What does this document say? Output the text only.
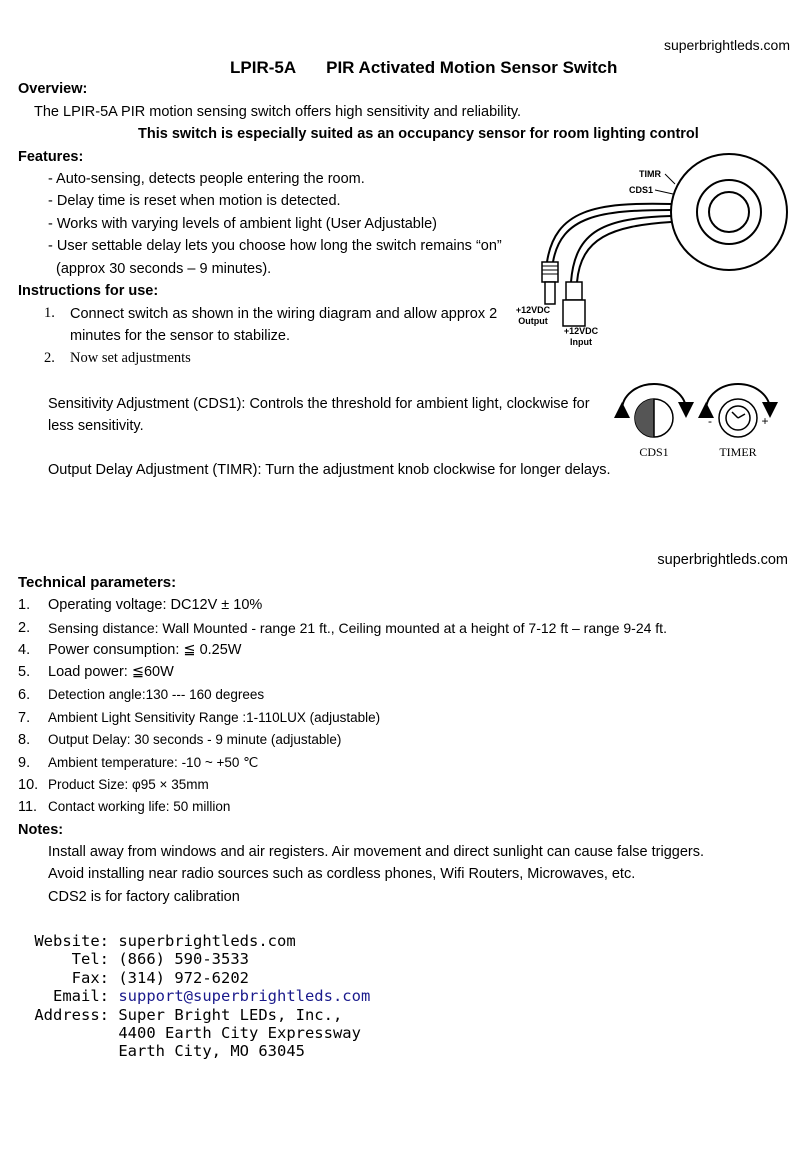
superbrightleds.com
LPIR-5A PIR Activated Motion Sensor Switch
Overview:
The LPIR-5A PIR motion sensing switch offers high sensitivity and reliability.
This switch is especially suited as an occupancy sensor for room lighting control
Features:
- Auto-sensing, detects people entering the room.
- Delay time is reset when motion is detected.
- Works with varying levels of ambient light (User Adjustable)
- User settable delay lets you choose how long the switch remains “on”
(approx 30 seconds – 9 minutes).
Instructions for use:
1. Connect switch as shown in the wiring diagram and allow approx 2
minutes for the sensor to stabilize.
2. Now set adjustments
Sensitivity Adjustment (CDS1): Controls the threshold for ambient light, clockwise for
less sensitivity.
Output Delay Adjustment (TIMR): Turn the adjustment knob clockwise for longer delays.
TIMR
CDS1
+12VDC
Output
+12VDC
Input
CDS1
-	+
TIMER
superbrightleds.com
Technical parameters:
1. Operating voltage: DC12V ± 10%
2. Sensing distance: Wall Mounted - range 21 ft., Ceiling mounted at a height of 7-12 ft – range 9-24 ft.
4. Power consumption: ≦ 0.25W
5. Load power: ≦60W
6. Detection angle:130 --- 160 degrees
7. Ambient Light Sensitivity Range :1-110LUX (adjustable)
8. Output Delay: 30 seconds - 9 minute (adjustable)
9. Ambient temperature: -10 ~ +50 ℃
10. Product Size: φ95 × 35mm
11. Contact working life: 50 million
Notes:
Install away from windows and air registers. Air movement and direct sunlight can cause false triggers.
Avoid installing near radio sources such as cordless phones, Wifi Routers, Microwaves, etc.
CDS2 is for factory calibration
Website: superbrightleds.com
Tel: (866) 590-3533
Fax: (314) 972-6202
Email: support@superbrightleds.com
Address: Super Bright LEDs, Inc.,
4400 Earth City Expressway
Earth City, MO 63045
